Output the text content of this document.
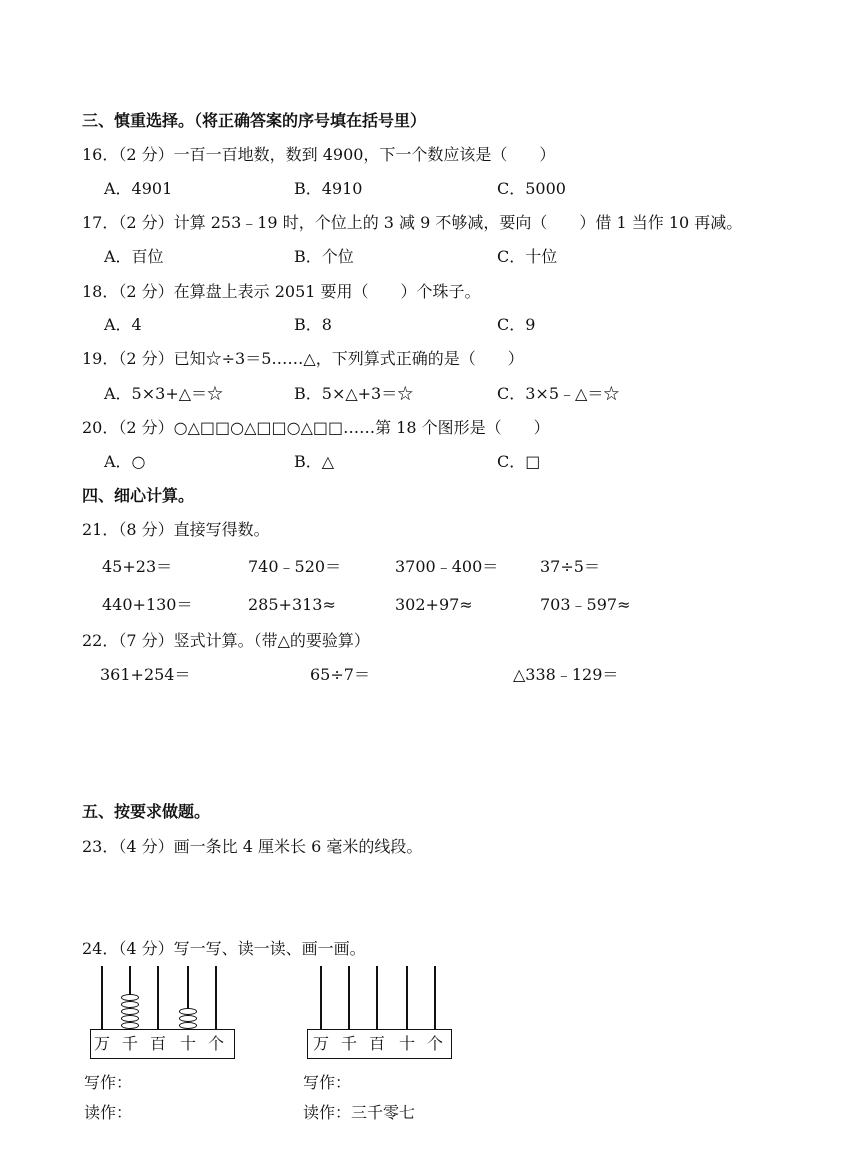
三、慎重选择。（将正确答案的序号填在括号里）
16．（2 分）一百一百地数，数到 4900，下一个数应该是（　　）
A．4901	B．4910	C．5000
17．（2 分）计算 253﹣19 时，个位上的 3 减 9 不够减，要向（　　）借 1 当作 10 再减。
A．百位	B．个位	C．十位
18．（2 分）在算盘上表示 2051 要用（　　）个珠子。
A．4	B．8	C．9
19．（2 分）已知☆÷3＝5……△，下列算式正确的是（　　）
A．5×3+△＝☆	B．5×△+3＝☆	C．3×5﹣△＝☆
20．（2 分）○△□□○△□□○△□□……第 18 个图形是（　　）
A．○	B．△	C．□
四、细心计算。
21．（8 分）直接写得数。
45+23＝	740﹣520＝	3700﹣400＝	37÷5＝
440+130＝	285+313≈	302+97≈	703﹣597≈
22．（7 分）竖式计算。（带△的要验算）
361+254＝	65÷7＝	△338﹣129＝
五、按要求做题。
23．（4 分）画一条比 4 厘米长 6 毫米的线段。
24．（4 分）写一写、读一读、画一画。
万 千 百 十 个	万 千 百 十 个
写作：
读作：
写作：
读作：三千零七
